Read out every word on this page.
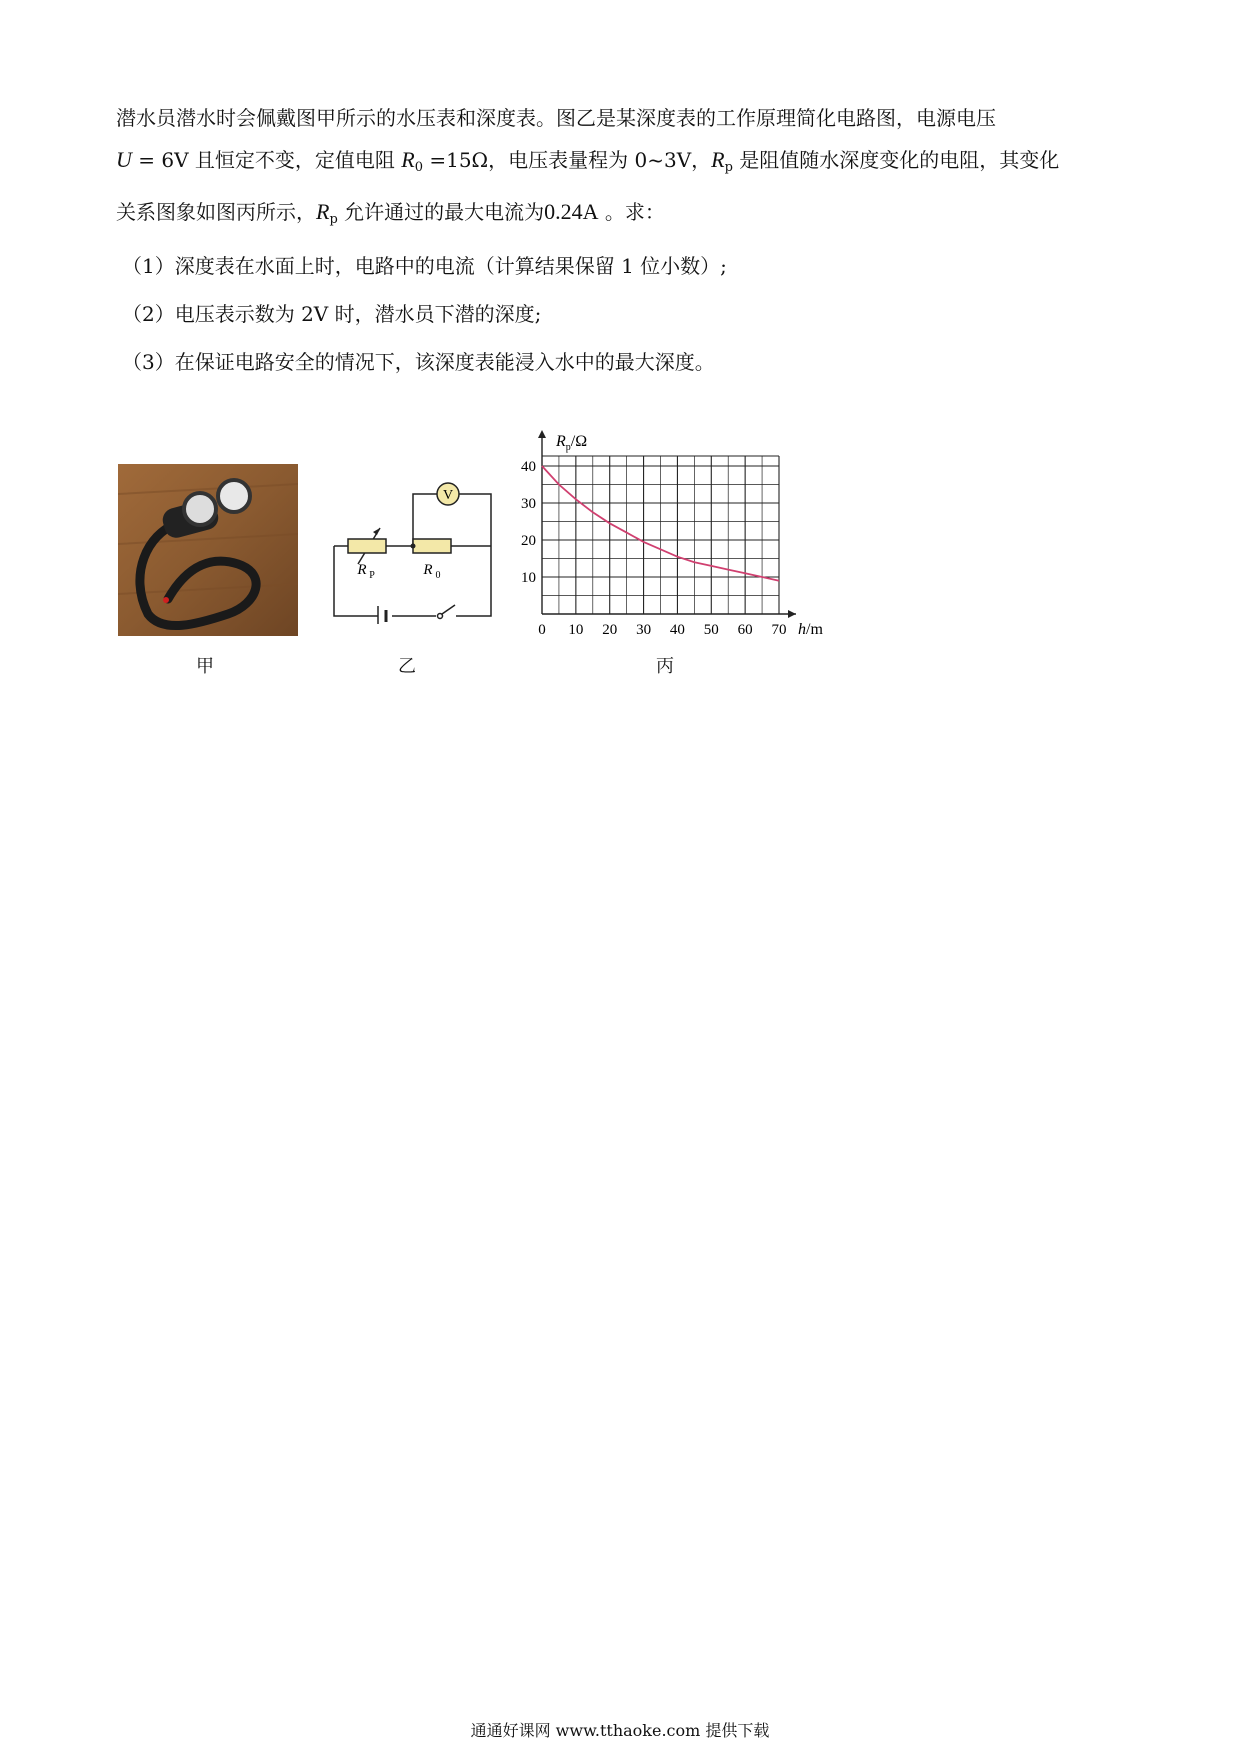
潜水员潜水时会佩戴图甲所示的水压表和深度表。图乙是某深度表的工作原理简化电路图，电源电压
U = 6V 且恒定不变，定值电阻 $R_0 =15\Omega$，电压表量程为 0~3V，$R_p$ 是阻值随水深度变化的电阻，其变化
关系图象如图丙所示，$R_p$ 允许通过的最大电流为0.24A 。求：
（1）深度表在水面上时，电路中的电流（计算结果保留 1 位小数）;
（2）电压表示数为 2V 时，潜水员下潜的深度;
（3）在保证电路安全的情况下，该深度表能浸入水中的最大深度。
甲
V
R P	R 0
乙
0 10 20 30 40 50 60 70
10
20
30
40
$R_p/\Omega$
h/m
丙
通通好课网 www.tthaoke.com 提供下载
